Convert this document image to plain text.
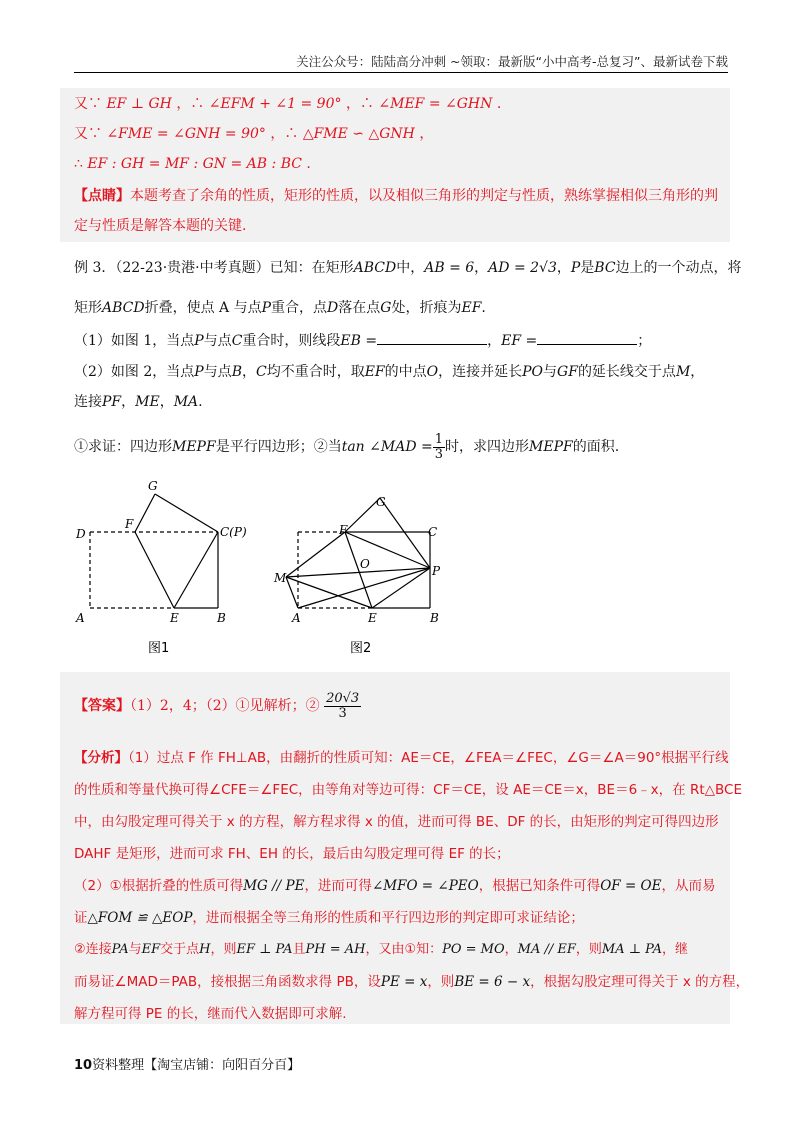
关注公众号：陆陆高分冲刺 ~领取：最新版“小中高考-总复习”、最新试卷下载
又∵ EF ⊥ GH ，∴ ∠EFM + ∠1 = 90° ，∴ ∠MEF = ∠GHN .
又∵ ∠FME = ∠GNH = 90° ，∴ △FME ∽ △GNH ，
∴ EF : GH = MF : GN = AB : BC .
【点睛】本题考查了余角的性质，矩形的性质，以及相似三角形的判定与性质，熟练掌握相似三角形的判
定与性质是解答本题的关键.
例 3．（22-23·贵港·中考真题）已知：在矩形ABCD中，AB = 6，AD = 2√3，P是BC边上的一个动点，将
矩形ABCD折叠，使点 A 与点P重合，点D落在点G处，折痕为EF.
（1）如图 1，当点P与点C重合时，则线段EB =	，EF =	；
（2）如图 2，当点P与点B，C均不重合时，取EF的中点O，连接并延长PO与GF的延长线交于点M，
连接PF，ME，MA.
①求证：四边形MEPF是平行四边形；②当tan ∠MAD = $\frac{1}{3}$ 时，求四边形MEPF的面积.
G
F
C(P)
D
A	E	B
图1
G
F	C
O
M	P
A	E	B
图2
【答案】（1）2，4；（2）①见解析；② $\frac{20√3}{3}$
【分析】（1）过点 F 作 FH⊥AB，由翻折的性质可知：AE＝CE，∠FEA＝∠FEC，∠G＝∠A＝90°根据平行线
的性质和等量代换可得∠CFE＝∠FEC，由等角对等边可得：CF＝CE，设 AE＝CE＝x，BE＝6﹣x，在 Rt△BCE
中，由勾股定理可得关于 x 的方程，解方程求得 x 的值，进而可得 BE、DF 的长，由矩形的判定可得四边形
DAHF 是矩形，进而可求 FH、EH 的长，最后由勾股定理可得 EF 的长；
（2）①根据折叠的性质可得MG // PE，进而可得∠MFO = ∠PEO，根据已知条件可得OF = OE，从而易
证△FOM ≌ △EOP，进而根据全等三角形的性质和平行四边形的判定即可求证结论；
②连接PA与EF交于点H，则EF ⊥ PA且PH = AH，又由①知：PO = MO，MA // EF，则MA ⊥ PA，继
而易证∠MAD＝PAB，接根据三角函数求得 PB，设PE = x，则BE = 6 − x，根据勾股定理可得关于 x 的方程，
解方程可得 PE 的长，继而代入数据即可求解.
10资料整理【淘宝店铺：向阳百分百】
